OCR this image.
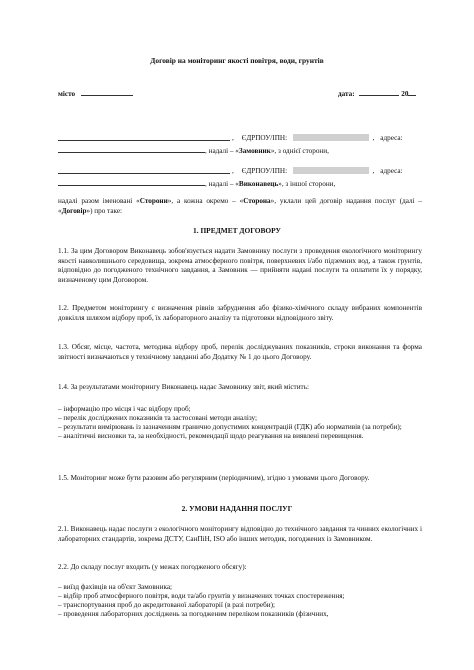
Договір на моніторинг якості повітря, води, грунтів
місто	дата:	20
, ЄДРПОУ/ІПН:	, адреса:
, надалі – «Замовник», з однієї сторони,
, ЄДРПОУ/ІПН:	, адреса:
, надалі – «Виконавець», з іншої сторони,
надалі разом іменовані «Сторони», а кожна окремо – «Сторона», уклали цей договір надання послуг (далі – «Договір») про таке:
1. ПРЕДМЕТ ДОГОВОРУ
1.1. За цим Договором Виконавець зобов'язується надати Замовнику послуги з проведення екологічного моніторингу якості навколишнього середовища, зокрема атмосферного повітря, поверхневих і/або підземних вод, а також грунтів, відповідно до погодженого технічного завдання, а Замовник — прийняти надані послуги та оплатити їх у порядку, визначеному цим Договором.
1.2. Предметом моніторингу є визначення рівнів забруднення або фізико-хімічного складу вибраних компонентів довкілля шляхом відбору проб, їх лабораторного аналізу та підготовки відповідного звіту.
1.3. Обсяг, місце, частота, методика відбору проб, перелік досліджуваних показників, строки виконання та форма звітності визначаються у технічному завданні або Додатку № 1 до цього Договору.
1.4. За результатами моніторингу Виконавець надає Замовнику звіт, який містить:
– інформацію про місця і час відбору проб;
– перелік досліджених показників та застосовані методи аналізу;
– результати вимірювань із зазначенням гранично допустимих концентрацій (ГДК) або нормативів (за потреби);
– аналітичні висновки та, за необхідності, рекомендації щодо реагування на виявлені перевищення.
1.5. Моніторинг може бути разовим або регулярним (періодичним), згідно з умовами цього Договору.
2. УМОВИ НАДАННЯ ПОСЛУГ
2.1. Виконавець надає послуги з екологічного моніторингу відповідно до технічного завдання та чинних екологічних і лабораторних стандартів, зокрема ДСТУ, СанПіН, ISO або інших методик, погоджених із Замовником.
2.2. До складу послуг входить (у межах погодженого обсягу):
– виїзд фахівців на об'єкт Замовника;
– відбір проб атмосферного повітря, води та/або грунтів у визначених точках спостереження;
– транспортування проб до акредитованої лабораторії (в разі потреби);
– проведення лабораторних досліджень за погодженим переліком показників (фізичних,
